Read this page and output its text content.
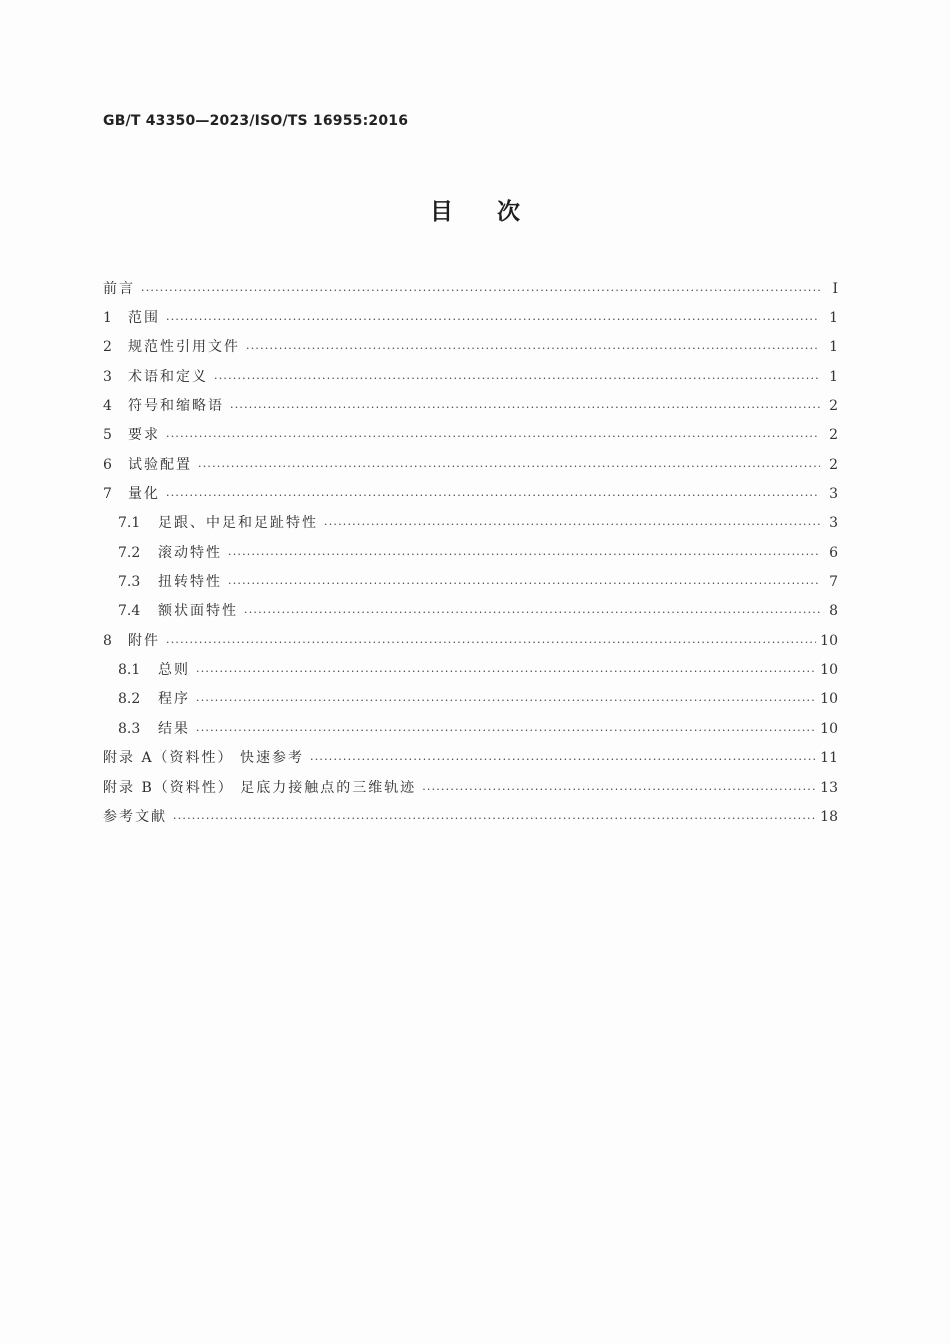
GB/T 43350—2023/ISO/TS 16955:2016
目次
前言 ·····	Ⅰ
1	范围 ·····	1
2	规范性引用文件 ·····	1
3	术语和定义 ·····	1
4	符号和缩略语 ·····	2
5	要求 ·····	2
6	试验配置 ·····	2
7	量化 ·····	3
7.1	足跟、中足和足趾特性 ·····	3
7.2	滚动特性 ·····	6
7.3	扭转特性 ·····	7
7.4	额状面特性 ·····	8
8	附件 ·····	10
8.1	总则 ·····	10
8.2	程序 ·····	10
8.3	结果 ·····	10
附录 A（资料性） 快速参考 ·····	11
附录 B（资料性） 足底力接触点的三维轨迹 ·····	13
参考文献 ·····	18
